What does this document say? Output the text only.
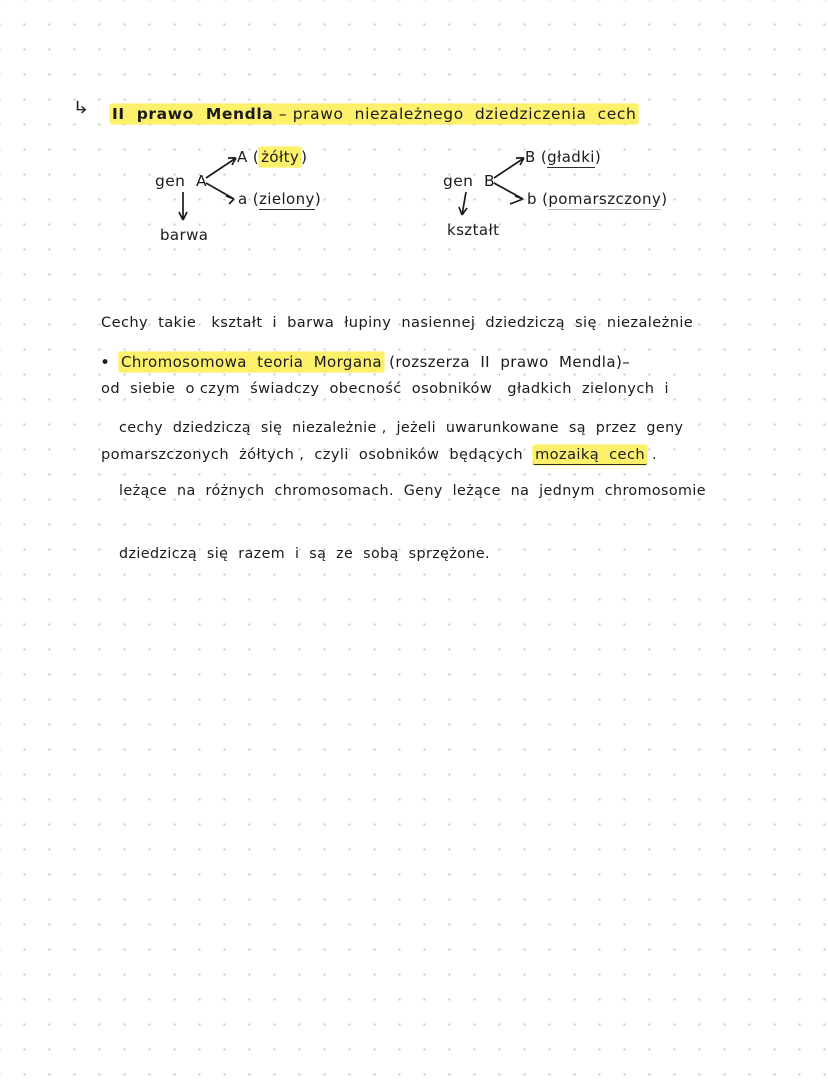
↳ II  prawo  Mendla – prawo  niezależnego  dziedziczenia  cech
gen  A
A ( żółty )
a (zielony)
barwa
gen  B
B (gładki)
b (pomarszczony)
kształt

Cechy  takie   kształt  i  barwa  łupiny  nasiennej  dziedziczą  się  niezależnie

od  siebie  o czym  świadczy  obecność  osobników   gładkich  zielonych  i

pomarszczonych  żółtych ,  czyli  osobników  będących  mozaiką  cech .

• Chromosomowa  teoria  Morgana (rozszerza  II  prawo  Mendla)–

cechy  dziedziczą  się  niezależnie ,  jeżeli  uwarunkowane  są  przez  geny

leżące  na  różnych  chromosomach.  Geny  leżące  na  jednym  chromosomie

dziedziczą  się  razem  i  są  ze  sobą  sprzężone.
